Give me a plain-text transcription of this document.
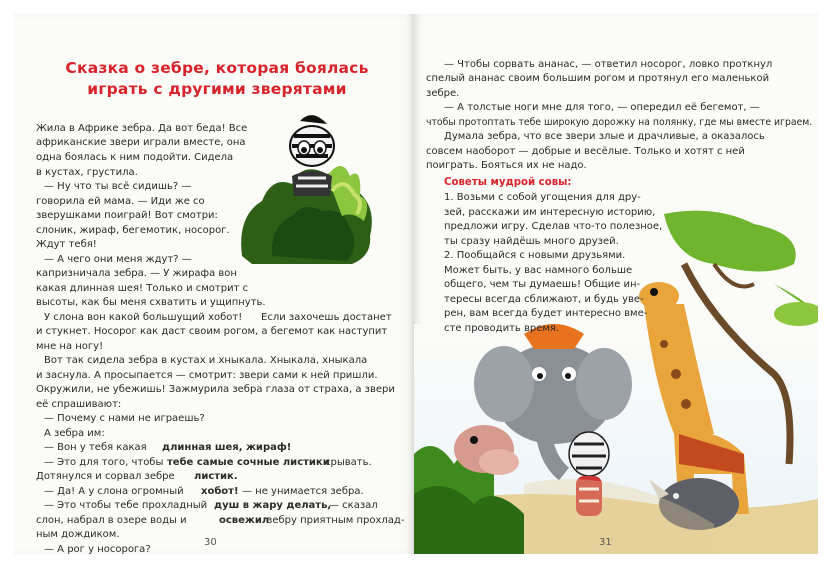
Сказка о зебре, которая боялась
играть с другими зверятами
Жила в Африке зебра. Да вот беда! Все
африканские звери играли вместе, она
одна боялась к ним подойти. Сидела
в кустах, грустила.
— Ну что ты всё сидишь? —
говорила ей мама. — Иди же со
зверушками поиграй! Вот смотри:
слоник, жираф, бегемотик, носорог.
Ждут тебя!
— А чего они меня ждут? —
капризничала зебра. — У жирафа вон
какая длинная шея! Только и смотрит с
высоты, как бы меня схватить и ущипнуть.
У слона вон какой большущий хобот! Если захочешь достанет
и стукнет. Носорог как даст своим рогом, а бегемот как наступит
мне на ногу!
Вот так сидела зебра в кустах и хныкала. Хныкала, хныкала
и заснула. А просыпается — смотрит: звери сами к ней пришли.
Окружили, не убежишь! Зажмурила зебра глаза от страха, а звери
её спрашивают:
— Почему с нами не играешь?
А зебра им:
— Вон у тебя какая длинная шея, жираф!
— Это для того, чтобы тебе самые сочные листики
срывать.
Дотянулся и сорвал зебре листик.
— Да! А у слона огромный хобот! — не унимается зебра.
— Это чтобы тебе прохладный душ в жару делать,
— сказал
слон, набрал в озере воды и	освежил
зебру приятным прохлад-
ным дождиком.
— А рог у носорога?
30
— Чтобы сорвать ананас, — ответил носорог, ловко проткнул
спелый ананас своим большим рогом и протянул его маленькой
зебре.
— А толстые ноги мне для того, — опередил её бегемот, —
чтобы протоптать тебе широкую дорожку на полянку, где мы вместе играем.
Думала зебра, что все звери злые и драчливые, а оказалось
совсем наоборот — добрые и весёлые. Только и хотят с ней
поиграть. Бояться их не надо.
Советы мудрой совы:
1. Возьми с собой угощения для дру-
зей, расскажи им интересную историю,
предложи игру. Сделав что-то полезное,
ты сразу найдёшь много друзей.
2. Пообщайся с новыми друзьями.
Может быть, у вас намного больше
общего, чем ты думаешь! Общие ин-
тересы всегда сближают, и будь уве-
рен, вам всегда будет интересно вме-
сте проводить время.
31
